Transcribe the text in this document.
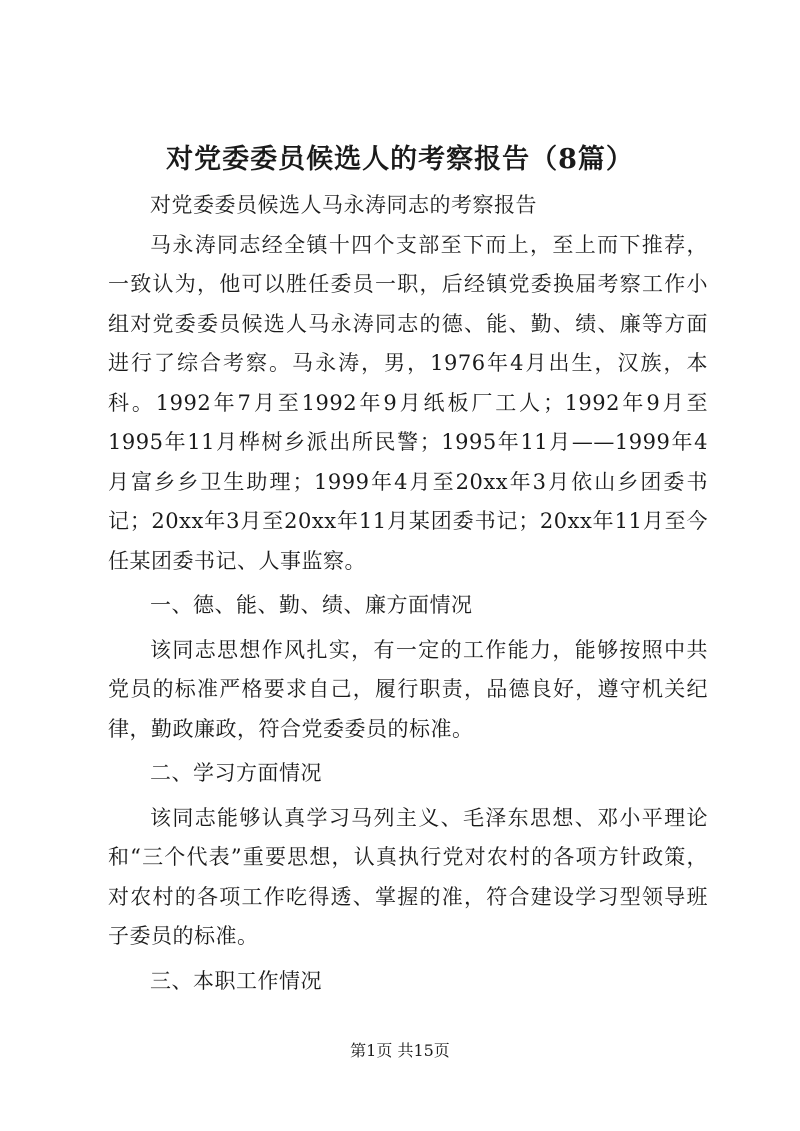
对党委委员候选人的考察报告（8篇）

对党委委员候选人马永涛同志的考察报告

马永涛同志经全镇十四个支部至下而上，至上而下推荐，一致认为，他可以胜任委员一职，后经镇党委换届考察工作小组对党委委员候选人马永涛同志的德、能、勤、绩、廉等方面进行了综合考察。马永涛，男，1976年4月出生，汉族，本科。1992年7月至1992年9月纸板厂工人；1992年9月至1995年11月桦树乡派出所民警；1995年11月——1999年4月富乡乡卫生助理；1999年4月至20xx年3月依山乡团委书记；20xx年3月至20xx年11月某团委书记；20xx年11月至今任某团委书记、人事监察。

一、德、能、勤、绩、廉方面情况

该同志思想作风扎实，有一定的工作能力，能够按照中共党员的标准严格要求自己，履行职责，品德良好，遵守机关纪律，勤政廉政，符合党委委员的标准。

二、学习方面情况

该同志能够认真学习马列主义、毛泽东思想、邓小平理论和“三个代表”重要思想，认真执行党对农村的各项方针政策，对农村的各项工作吃得透、掌握的准，符合建设学习型领导班子委员的标准。

三、本职工作情况

第1页 共15页
